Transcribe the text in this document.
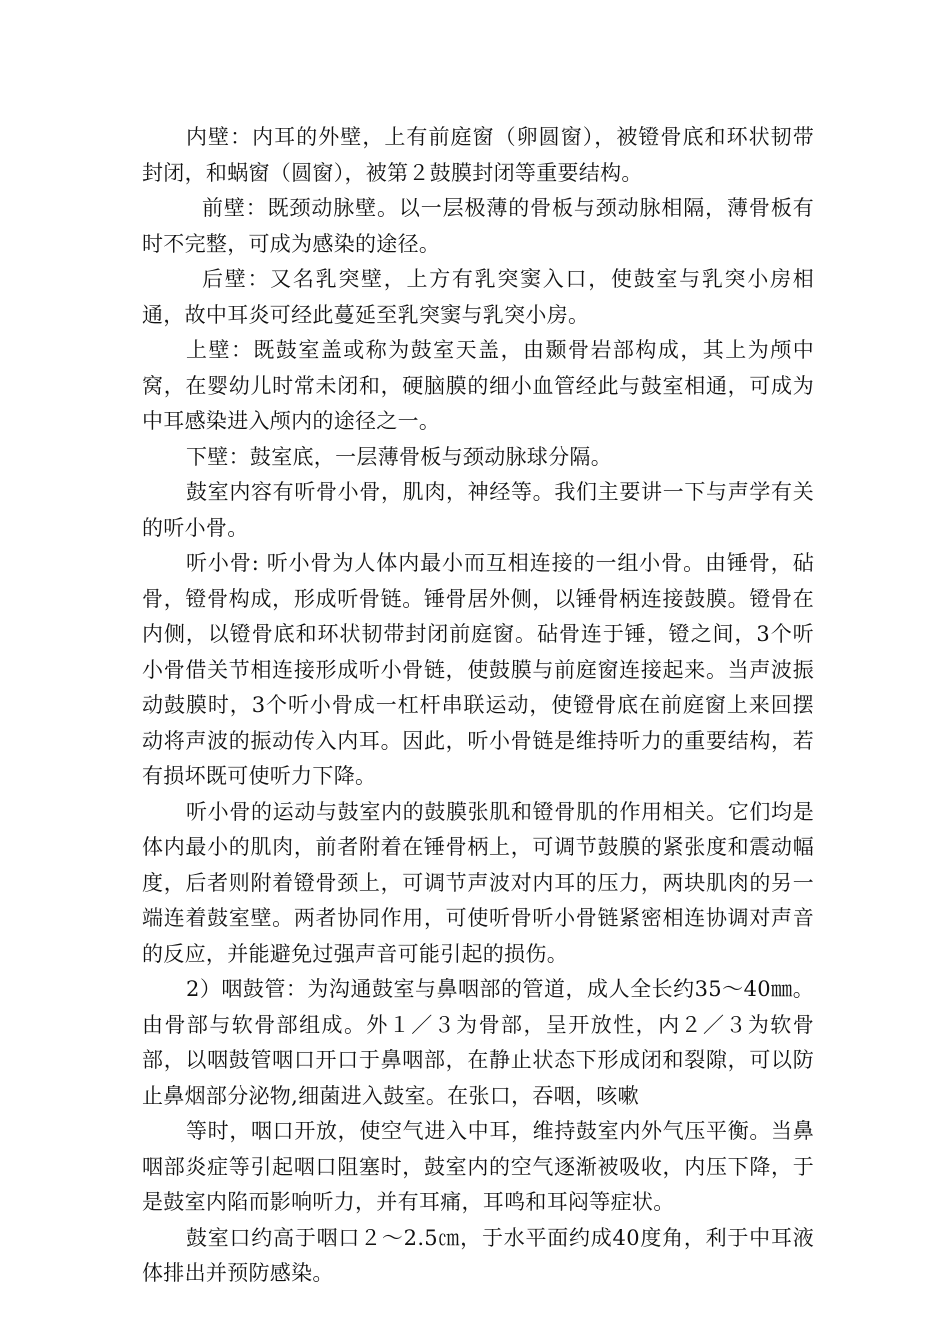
内壁：内耳的外壁，上有前庭窗（卵圆窗），被镫骨底和环状韧带封闭，和蜗窗（圆窗），被第２鼓膜封闭等重要结构。

前壁：既颈动脉壁。以一层极薄的骨板与颈动脉相隔，薄骨板有时不完整，可成为感染的途径。

后壁：又名乳突壁，上方有乳突窦入口，使鼓室与乳突小房相通，故中耳炎可经此蔓延至乳突窦与乳突小房。

上壁：既鼓室盖或称为鼓室天盖，由颞骨岩部构成，其上为颅中窝，在婴幼儿时常未闭和，硬脑膜的细小血管经此与鼓室相通，可成为中耳感染进入颅内的途径之一。

下壁：鼓室底，一层薄骨板与颈动脉球分隔。

鼓室内容有听骨小骨，肌肉，神经等。我们主要讲一下与声学有关的听小骨。

听小骨: 听小骨为人体内最小而互相连接的一组小骨。由锤骨，砧骨，镫骨构成，形成听骨链。锤骨居外侧，以锤骨柄连接鼓膜。镫骨在内侧，以镫骨底和环状韧带封闭前庭窗。砧骨连于锤，镫之间，3个听小骨借关节相连接形成听小骨链，使鼓膜与前庭窗连接起来。当声波振动鼓膜时，3个听小骨成一杠杆串联运动，使镫骨底在前庭窗上来回摆动将声波的振动传入内耳。因此，听小骨链是维持听力的重要结构，若有损坏既可使听力下降。

听小骨的运动与鼓室内的鼓膜张肌和镫骨肌的作用相关。它们均是体内最小的肌肉，前者附着在锤骨柄上，可调节鼓膜的紧张度和震动幅度，后者则附着镫骨颈上，可调节声波对内耳的压力，两块肌肉的另一端连着鼓室壁。两者协同作用，可使听骨听小骨链紧密相连协调对声音的反应，并能避免过强声音可能引起的损伤。

2）咽鼓管：为沟通鼓室与鼻咽部的管道，成人全长约35～40㎜。由骨部与软骨部组成。外１／３为骨部，呈开放性，内２／３为软骨部，以咽鼓管咽口开口于鼻咽部，在静止状态下形成闭和裂隙，可以防止鼻烟部分泌物,细菌进入鼓室。在张口，吞咽，咳嗽

等时，咽口开放，使空气进入中耳，维持鼓室内外气压平衡。当鼻咽部炎症等引起咽口阻塞时，鼓室内的空气逐渐被吸收，内压下降，于是鼓室内陷而影响听力，并有耳痛，耳鸣和耳闷等症状。

鼓室口约高于咽口２～2.5㎝，于水平面约成40度角，利于中耳液体排出并预防感染。
